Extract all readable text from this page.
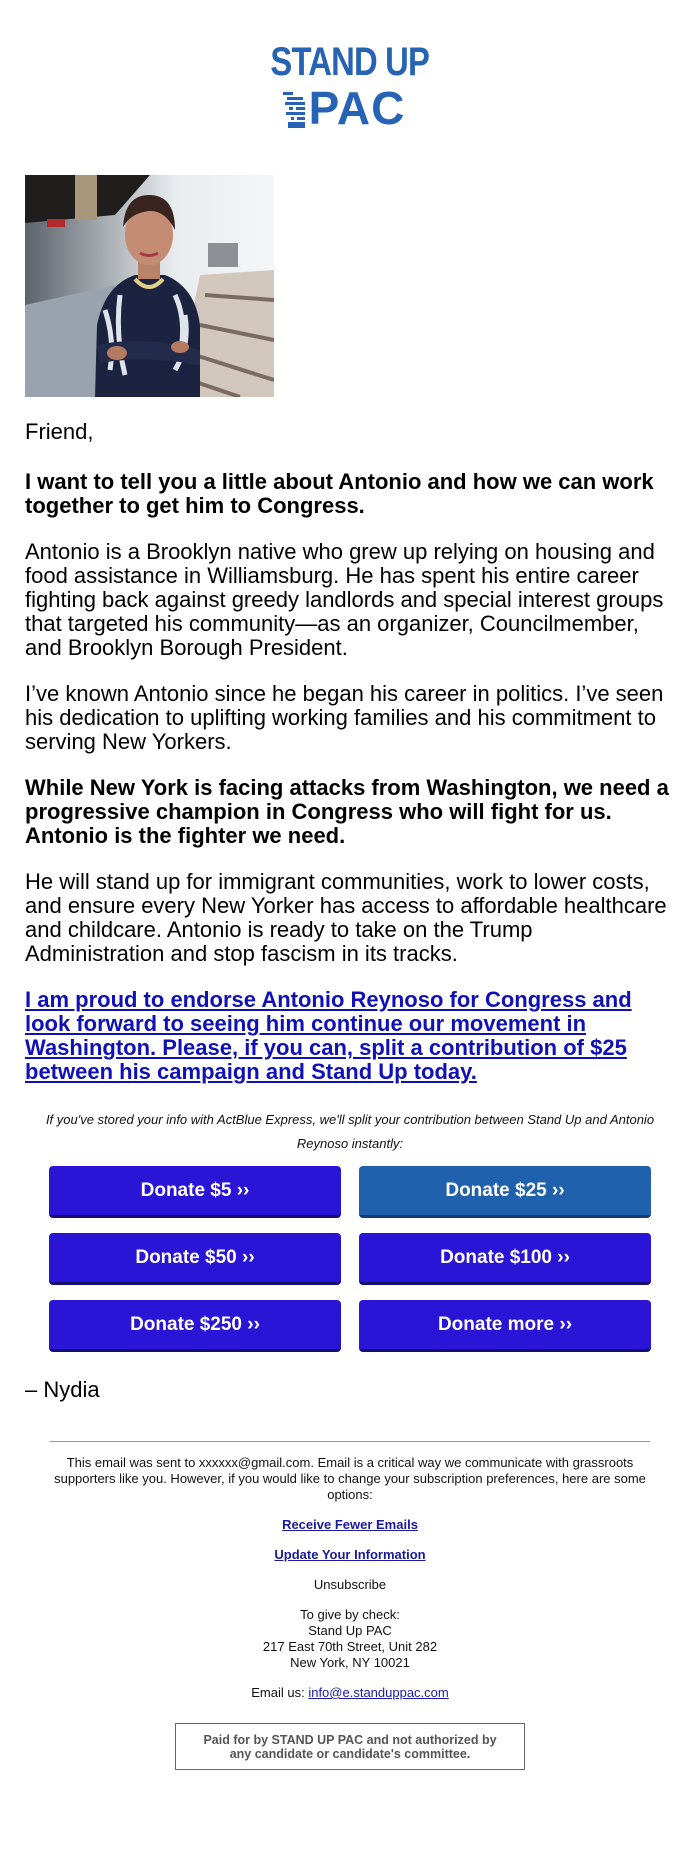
STAND UP
PAC

Friend,

I want to tell you a little about Antonio and how we can work together to get him to Congress.

Antonio is a Brooklyn native who grew up relying on housing and food assistance in Williamsburg. He has spent his entire career fighting back against greedy landlords and special interest groups that targeted his community—as an organizer, Councilmember, and Brooklyn Borough President.

I’ve known Antonio since he began his career in politics. I’ve seen his dedication to uplifting working families and his commitment to serving New Yorkers.

While New York is facing attacks from Washington, we need a progressive champion in Congress who will fight for us. Antonio is the fighter we need.

He will stand up for immigrant communities, work to lower costs, and ensure every New Yorker has access to affordable healthcare and childcare. Antonio is ready to take on the Trump Administration and stop fascism in its tracks.

I am proud to endorse Antonio Reynoso for Congress and look forward to seeing him continue our movement in Washington. Please, if you can, split a contribution of $25 between his campaign and Stand Up today.

If you've stored your info with ActBlue Express, we'll split your contribution between Stand Up and Antonio Reynoso instantly:
Donate $5 ››	Donate $25 ››
Donate $50 ››	Donate $100 ››
Donate $250 ››	Donate more ››
– Nydia

This email was sent to xxxxxx@gmail.com. Email is a critical way we communicate with grassroots supporters like you. However, if you would like to change your subscription preferences, here are some options:

Receive Fewer Emails

Update Your Information

Unsubscribe

To give by check:
Stand Up PAC
217 East 70th Street, Unit 282
New York, NY 10021

Email us: info@e.standuppac.com

Paid for by STAND UP PAC and not authorized by any candidate or candidate's committee.
